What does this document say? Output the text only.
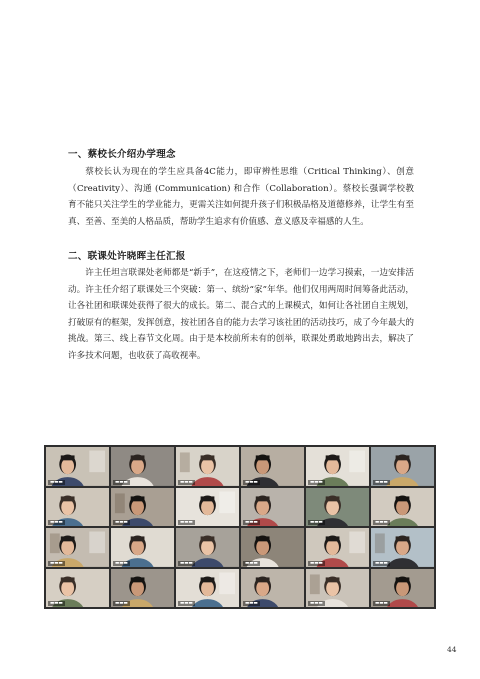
一、蔡校长介绍办学理念

蔡校长认为现在的学生应具备4C能力，即审辨性思维（Critical Thinking）、创意（Creativity）、沟通 (Communication) 和合作（Collaboration）。蔡校长强调学校教育不能只关注学生的学业能力，更需关注如何提升孩子们积极品格及道德修养，让学生有至真、至善、至美的人格品质，帮助学生追求有价值感、意义感及幸福感的人生。

二、联课处许晓晖主任汇报

许主任坦言联课处老师都是“新手”，在这疫情之下，老师们一边学习摸索，一边安排活动。许主任介绍了联课处三个突破：第一、缤纷“家”年华。他们仅用两周时间筹备此活动，让各社团和联课处获得了很大的成长。第二、混合式的上课模式，如何让各社团自主规划，打破原有的框架，发挥创意，按社团各自的能力去学习该社团的活动技巧，成了今年最大的挑战。第三、线上春节文化周。由于是本校前所未有的创举，联课处勇敢地跨出去，解决了许多技术问题，也收获了高收视率。

▬▬▬	▬▬▬	▬▬▬	▬▬▬	▬▬▬	▬▬▬
▬▬▬	▬▬▬	▬▬▬	▬▬▬	▬▬▬	▬▬▬
▬▬▬	▬▬▬	▬▬▬	▬▬▬	▬▬▬	▬▬▬
▬▬▬	▬▬▬	▬▬▬	▬▬▬	▬▬▬	▬▬▬
44
